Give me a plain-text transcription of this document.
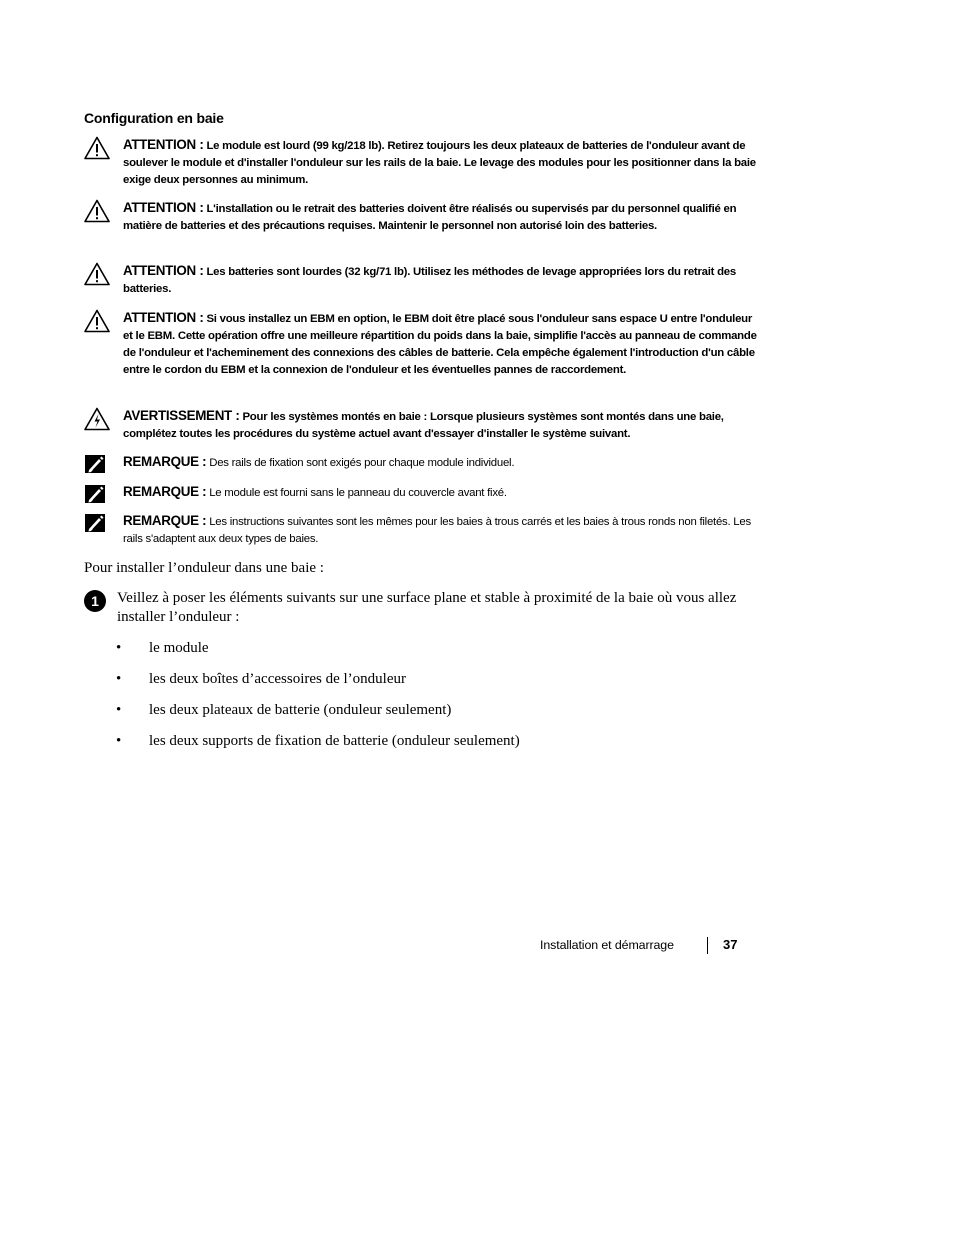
Configuration en baie
ATTENTION : Le module est lourd (99 kg/218 lb). Retirez toujours les deux plateaux de batteries de l'onduleur avant de soulever le module et d'installer l'onduleur sur les rails de la baie. Le levage des modules pour les positionner dans la baie exige deux personnes au minimum.
ATTENTION : L'installation ou le retrait des batteries doivent être réalisés ou supervisés par du personnel qualifié en matière de batteries et des précautions requises. Maintenir le personnel non autorisé loin des batteries.
ATTENTION : Les batteries sont lourdes (32 kg/71 lb). Utilisez les méthodes de levage appropriées lors du retrait des batteries.
ATTENTION : Si vous installez un EBM en option, le EBM doit être placé sous l'onduleur sans espace U entre l'onduleur et le EBM. Cette opération offre une meilleure répartition du poids dans la baie, simplifie l'accès au panneau de commande de l'onduleur et l'acheminement des connexions des câbles de batterie. Cela empêche également l'introduction d'un câble entre le cordon du EBM et la connexion de l'onduleur et les éventuelles pannes de raccordement.
AVERTISSEMENT : Pour les systèmes montés en baie : Lorsque plusieurs systèmes sont montés dans une baie, complétez toutes les procédures du système actuel avant d'essayer d'installer le système suivant.
REMARQUE : Des rails de fixation sont exigés pour chaque module individuel.
REMARQUE : Le module est fourni sans le panneau du couvercle avant fixé.
REMARQUE : Les instructions suivantes sont les mêmes pour les baies à trous carrés et les baies à trous ronds non filetés. Les rails s'adaptent aux deux types de baies.
Pour installer l’onduleur dans une baie :
1	Veillez à poser les éléments suivants sur une surface plane et stable à proximité de la baie où vous allez installer l’onduleur :
• le module
• les deux boîtes d’accessoires de l’onduleur
• les deux plateaux de batterie (onduleur seulement)
• les deux supports de fixation de batterie (onduleur seulement)
Installation et démarrage	37
